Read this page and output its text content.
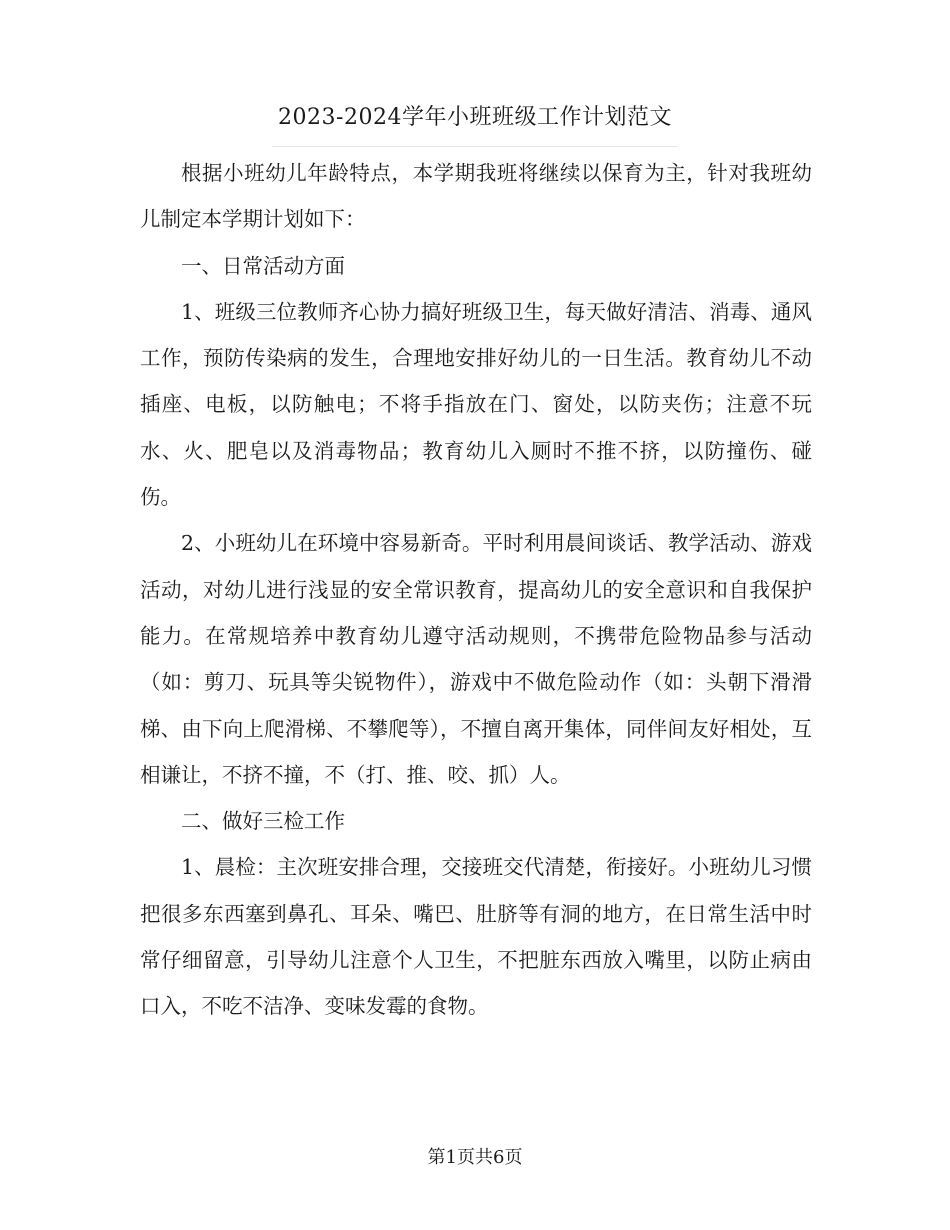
2023-2024学年小班班级工作计划范文

根据小班幼儿年龄特点，本学期我班将继续以保育为主，针对我班幼儿制定本学期计划如下：

一、日常活动方面

1、班级三位教师齐心协力搞好班级卫生，每天做好清洁、消毒、通风工作，预防传染病的发生，合理地安排好幼儿的一日生活。教育幼儿不动插座、电板，以防触电；不将手指放在门、窗处，以防夹伤；注意不玩水、火、肥皂以及消毒物品；教育幼儿入厕时不推不挤，以防撞伤、碰伤。

2、小班幼儿在环境中容易新奇。平时利用晨间谈话、教学活动、游戏活动，对幼儿进行浅显的安全常识教育，提高幼儿的安全意识和自我保护能力。在常规培养中教育幼儿遵守活动规则，不携带危险物品参与活动（如：剪刀、玩具等尖锐物件），游戏中不做危险动作（如：头朝下滑滑梯、由下向上爬滑梯、不攀爬等），不擅自离开集体，同伴间友好相处，互相谦让，不挤不撞，不（打、推、咬、抓）人。

二、做好三检工作

1、晨检：主次班安排合理，交接班交代清楚，衔接好。小班幼儿习惯把很多东西塞到鼻孔、耳朵、嘴巴、肚脐等有洞的地方，在日常生活中时常仔细留意，引导幼儿注意个人卫生，不把脏东西放入嘴里，以防止病由口入，不吃不洁净、变味发霉的食物。

第1页共6页
